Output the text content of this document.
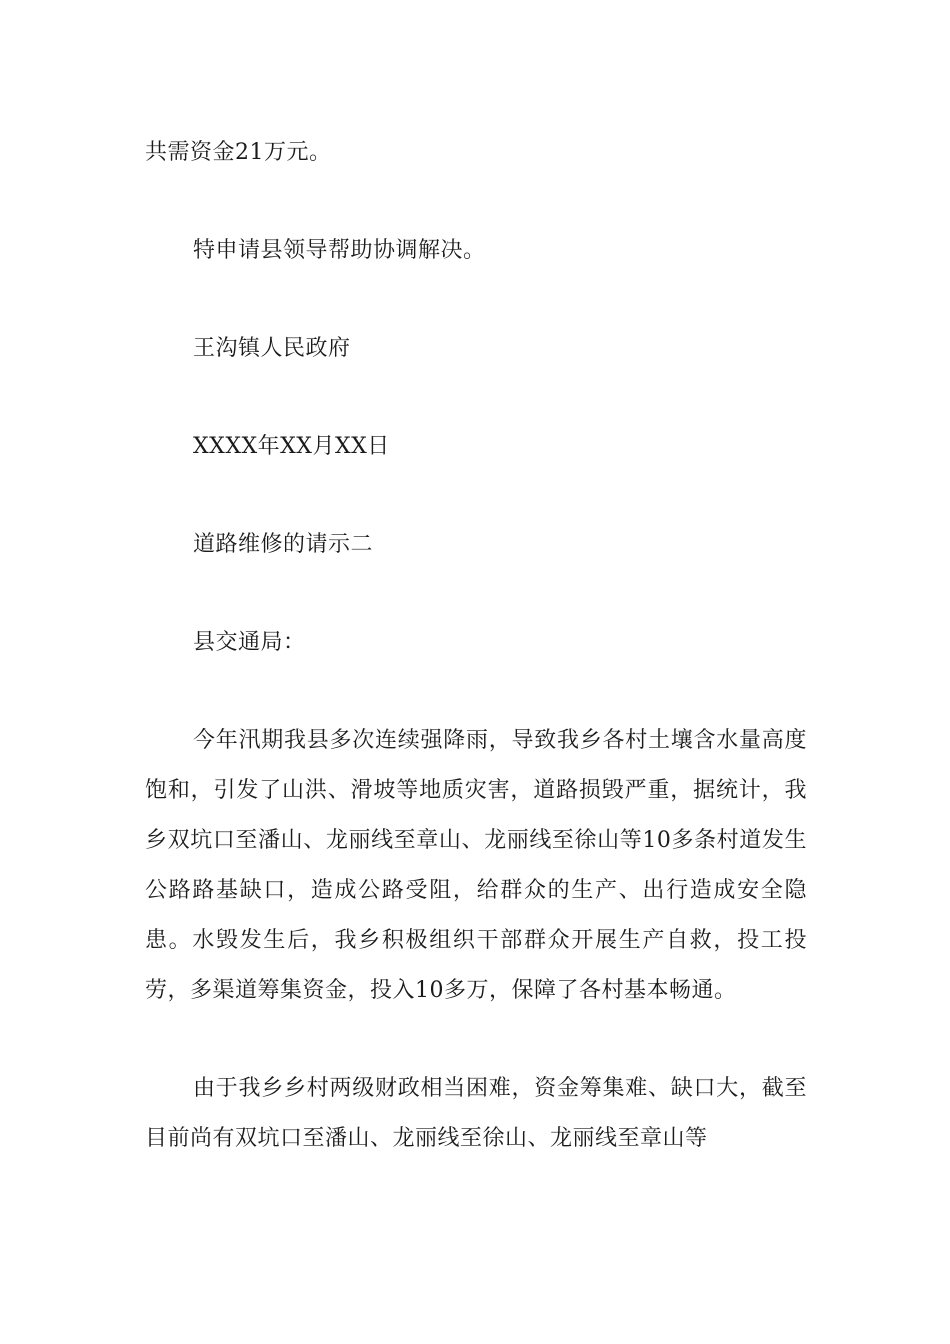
共需资金21万元。

特申请县领导帮助协调解决。

王沟镇人民政府

XXXX年XX月XX日

道路维修的请示二

县交通局：

今年汛期我县多次连续强降雨，导致我乡各村土壤含水量高度饱和，引发了山洪、滑坡等地质灾害，道路损毁严重，据统计，我乡双坑口至潘山、龙丽线至章山、龙丽线至徐山等10多条村道发生公路路基缺口，造成公路受阻，给群众的生产、出行造成安全隐患。水毁发生后，我乡积极组织干部群众开展生产自救，投工投劳，多渠道筹集资金，投入10多万，保障了各村基本畅通。

由于我乡乡村两级财政相当困难，资金筹集难、缺口大，截至目前尚有双坑口至潘山、龙丽线至徐山、龙丽线至章山等
